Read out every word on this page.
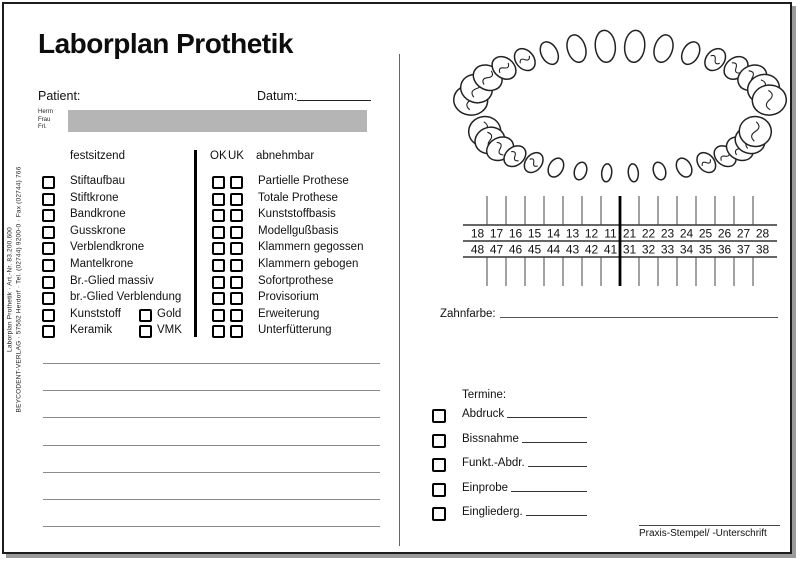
Laborplan Prothetik · Art.-Nr. 83.200.600 BEYCODENT-VERLAG · 57562 Herdorf · Tel. (02744) 9200-0 · Fax (02744) 766
Laborplan Prothetik
Patient:	Datum:
Herrn
Frau
Frl.
festsitzend	OK UK abnehmbar
Stiftaufbau
Stiftkrone
Bandkrone
Gusskrone
Verblendkrone
Mantelkrone
Br.-Glied massiv
br.-Glied Verblendung
Kunststoff	Gold
Keramik	VMK
Partielle Prothese
Totale Prothese
Kunststoffbasis
Modellgußbasis
Klammern gegossen
Klammern gebogen
Sofortprothese
Provisorium
Erweiterung
Unterfütterung
18 17 16 15 14 13 12 11 21 22 23 24 25 26 27 28
48 47 46 45 44 43 42 41 31 32 33 34 35 36 37 38
Zahnfarbe:
Termine:
Abdruck
Bissnahme
Funkt.-Abdr.
Einprobe
Eingliederg.
Praxis-Stempel/ -Unterschrift
